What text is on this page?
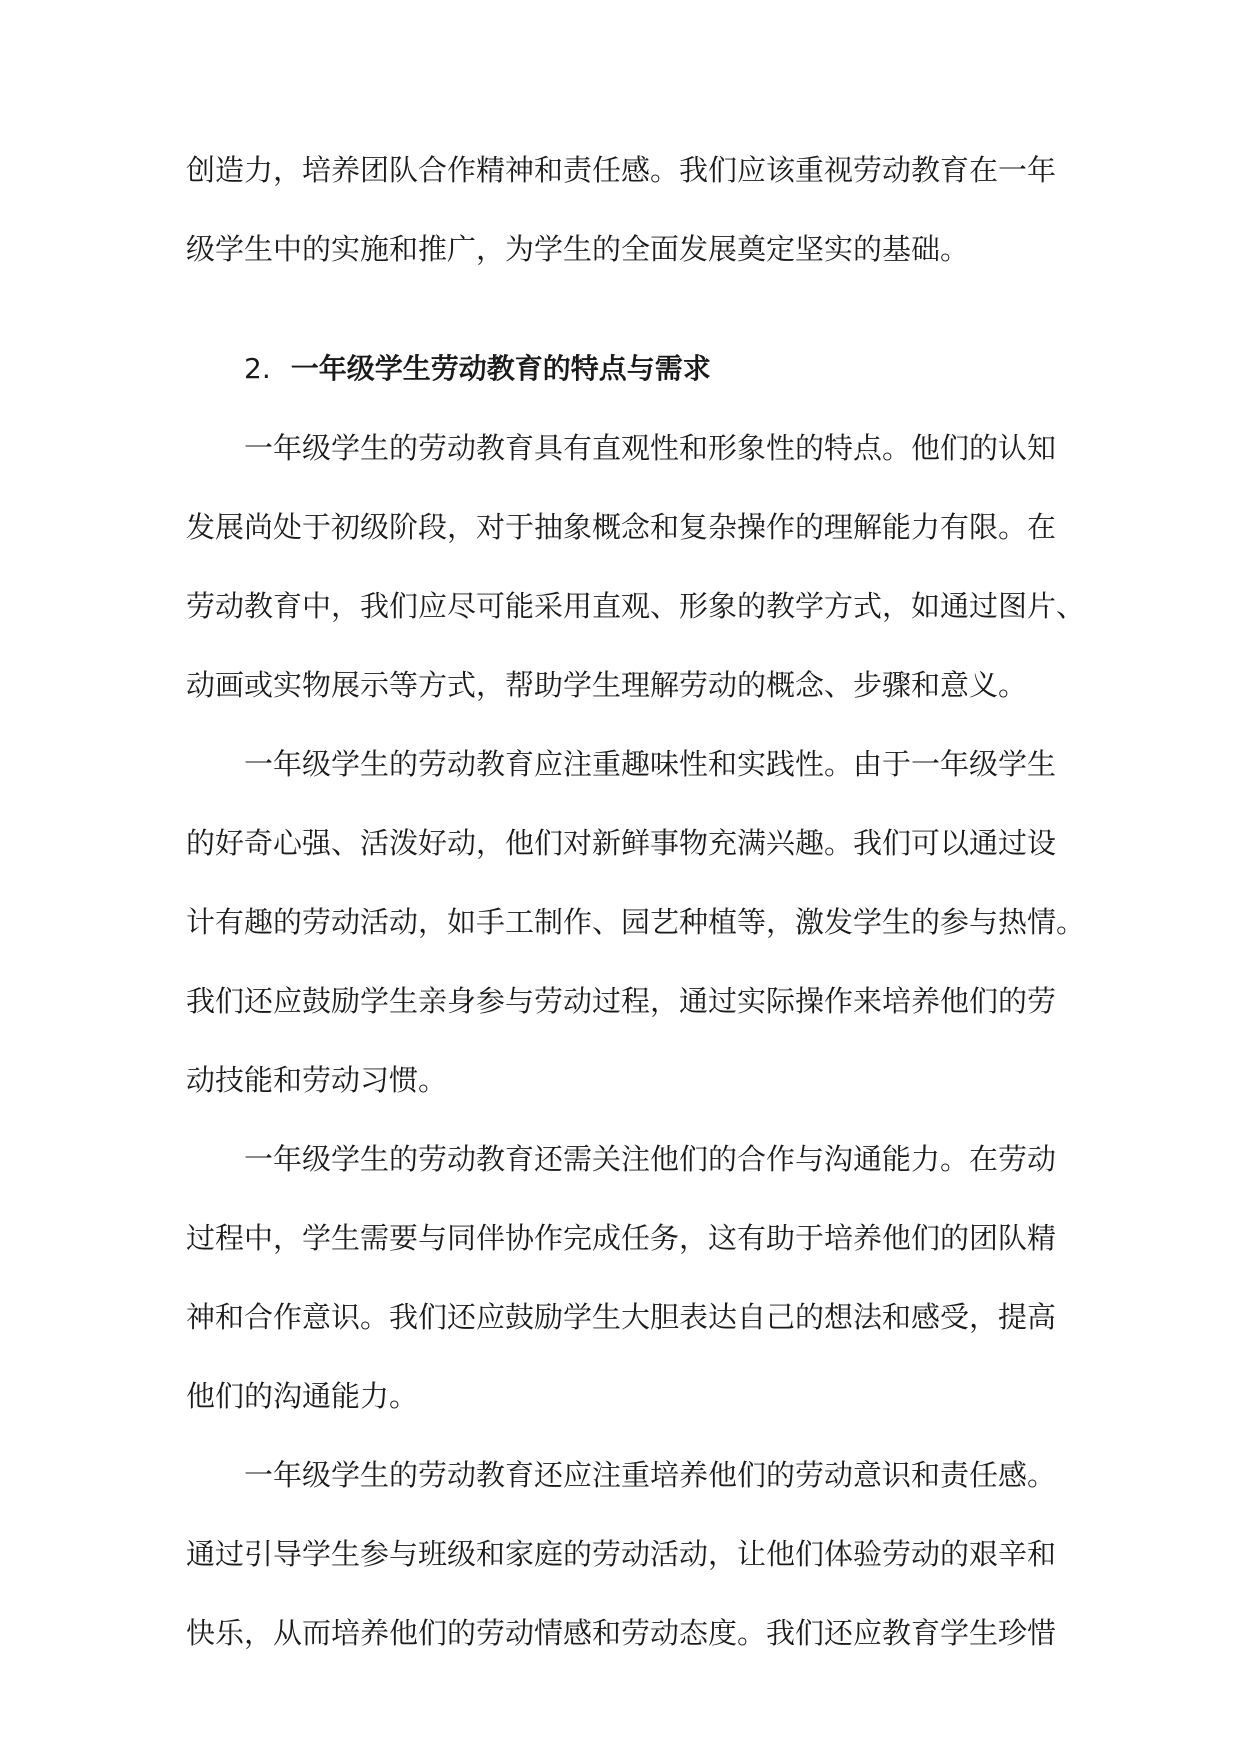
创造力，培养团队合作精神和责任感。我们应该重视劳动教育在一年
级学生中的实施和推广，为学生的全面发展奠定坚实的基础。
2. 一年级学生劳动教育的特点与需求
一年级学生的劳动教育具有直观性和形象性的特点。他们的认知
发展尚处于初级阶段，对于抽象概念和复杂操作的理解能力有限。在
劳动教育中，我们应尽可能采用直观、形象的教学方式，如通过图片、
动画或实物展示等方式，帮助学生理解劳动的概念、步骤和意义。
一年级学生的劳动教育应注重趣味性和实践性。由于一年级学生
的好奇心强、活泼好动，他们对新鲜事物充满兴趣。我们可以通过设
计有趣的劳动活动，如手工制作、园艺种植等，激发学生的参与热情。
我们还应鼓励学生亲身参与劳动过程，通过实际操作来培养他们的劳
动技能和劳动习惯。
一年级学生的劳动教育还需关注他们的合作与沟通能力。在劳动
过程中，学生需要与同伴协作完成任务，这有助于培养他们的团队精
神和合作意识。我们还应鼓励学生大胆表达自己的想法和感受，提高
他们的沟通能力。
一年级学生的劳动教育还应注重培养他们的劳动意识和责任感。
通过引导学生参与班级和家庭的劳动活动，让他们体验劳动的艰辛和
快乐，从而培养他们的劳动情感和劳动态度。我们还应教育学生珍惜
